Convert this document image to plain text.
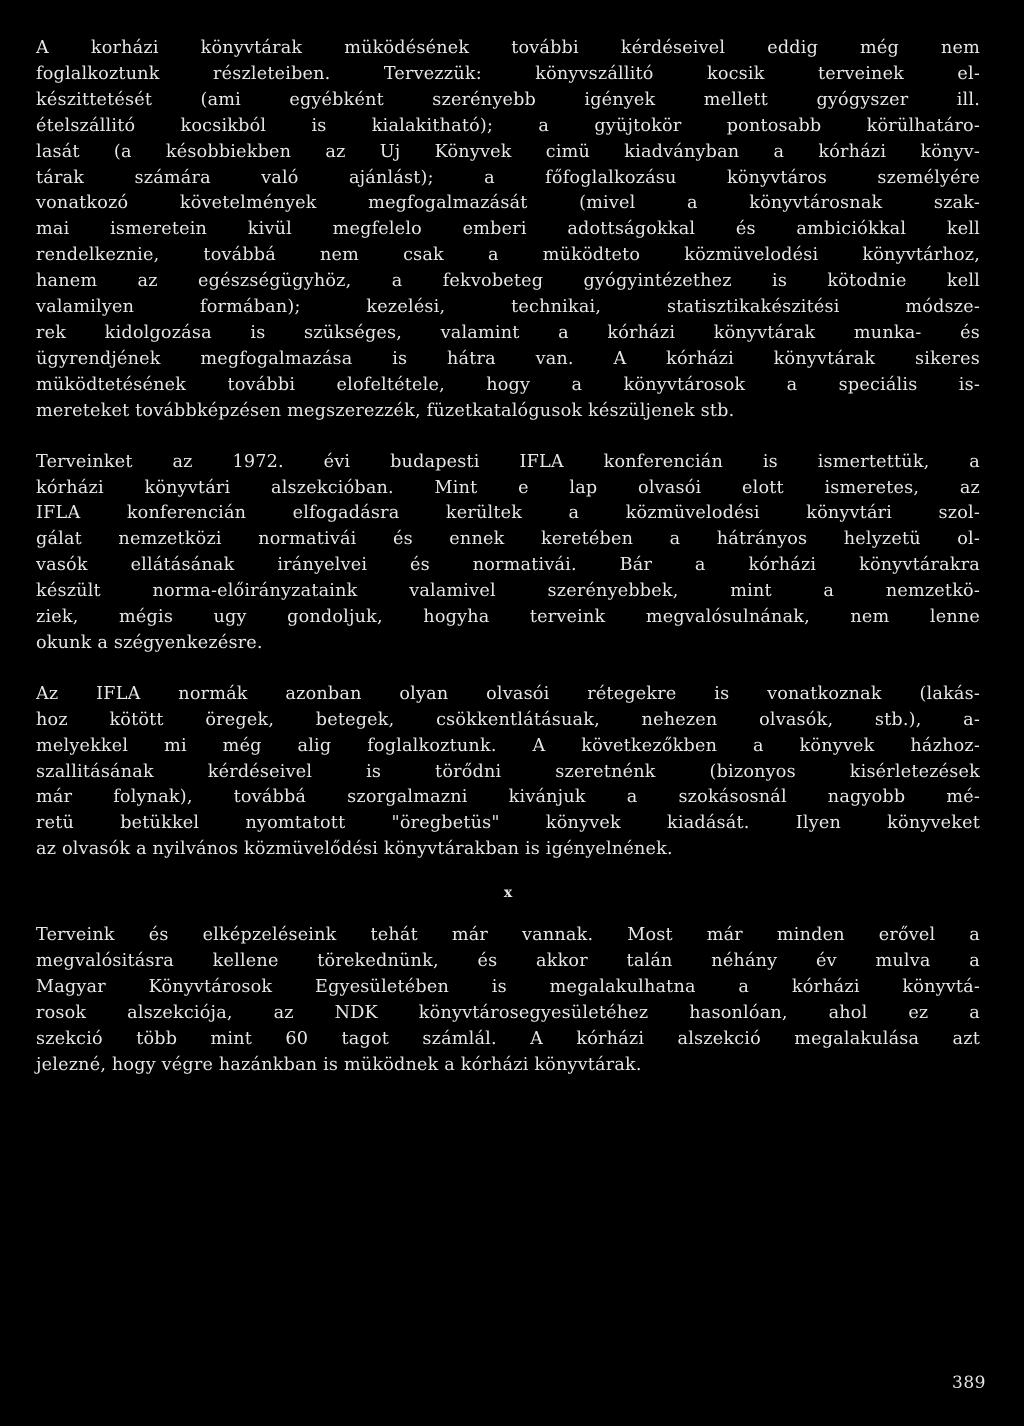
A korházi könyvtárak müködésének további kérdéseivel eddig még nem
foglalkoztunk részleteiben. Tervezzük: könyvszállitó kocsik terveinek el-
készittetését (ami egyébként szerényebb igények mellett gyógyszer ill.
ételszállitó kocsikból is kialakitható); a gyüjtokör pontosabb körülhatáro-
lasát (a késobbiekben az Uj Könyvek cimü kiadványban a kórházi könyv-
tárak számára való ajánlást); a főfoglalkozásu könyvtáros személyére
vonatkozó követelmények megfogalmazását (mivel a könyvtárosnak szak-
mai ismeretein kivül megfelelo emberi adottságokkal és ambiciókkal kell
rendelkeznie, továbbá nem csak a müködteto közmüvelodési könyvtárhoz,
hanem az egészségügyhöz, a fekvobeteg gyógyintézethez is kötodnie kell
valamilyen formában); kezelési, technikai, statisztikakészitési módsze-
rek kidolgozása is szükséges, valamint a kórházi könyvtárak munka- és
ügyrendjének megfogalmazása is hátra van. A kórházi könyvtárak sikeres
müködtetésének további elofeltétele, hogy a könyvtárosok a speciális is-
mereteket továbbképzésen megszerezzék, füzetkatalógusok készüljenek stb.
Terveinket az 1972. évi budapesti IFLA konferencián is ismertettük, a
kórházi könyvtári alszekcióban. Mint e lap olvasói elott ismeretes, az
IFLA konferencián elfogadásra kerültek a közmüvelodési könyvtári szol-
gálat nemzetközi normativái és ennek keretében a hátrányos helyzetü ol-
vasók ellátásának irányelvei és normativái. Bár a kórházi könyvtárakra
készült norma-előirányzataink valamivel szerényebbek, mint a nemzetkö-
ziek, mégis ugy gondoljuk, hogyha terveink megvalósulnának, nem lenne
okunk a szégyenkezésre.
Az IFLA normák azonban olyan olvasói rétegekre is vonatkoznak (lakás-
hoz kötött öregek, betegek, csökkentlátásuak, nehezen olvasók, stb.), a-
melyekkel mi még alig foglalkoztunk. A következőkben a könyvek házhoz-
szallitásának kérdéseivel is törődni szeretnénk (bizonyos kisérletezések
már folynak), továbbá szorgalmazni kivánjuk a szokásosnál nagyobb mé-
retü betükkel nyomtatott "öregbetüs" könyvek kiadását. Ilyen könyveket
az olvasók a nyilvános közmüvelődési könyvtárakban is igényelnének.
x
Terveink és elképzeléseink tehát már vannak. Most már minden erővel a
megvalósitásra kellene törekednünk, és akkor talán néhány év mulva a
Magyar Könyvtárosok Egyesületében is megalakulhatna a kórházi könyvtá-
rosok alszekciója, az NDK könyvtárosegyesületéhez hasonlóan, ahol ez a
szekció több mint 60 tagot számlál. A kórházi alszekció megalakulása azt
jelezné, hogy végre hazánkban is müködnek a kórházi könyvtárak.
389
